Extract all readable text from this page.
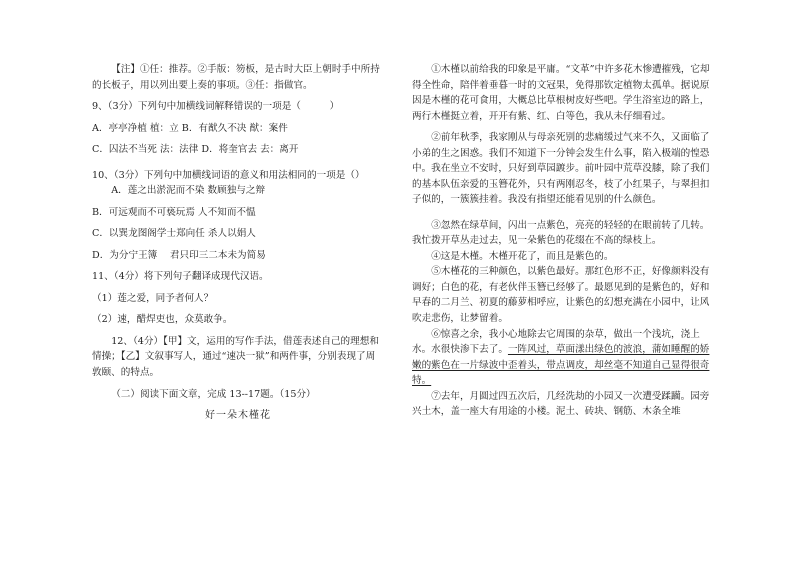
【注】①任：推荐。②手版：笏板，是古时大臣上朝时手中所持的长板子，用以列出要上奏的事项。③任：指做官。

9、（3分）下列句中加横线词解释错误的一项是（　　　）

A．亭亭净植 植：立 B．有猷久不决 猷：案件

C．囚法不当死 法：法律 D．将奎官去 去：离开

10、（3分）下列句中加横线词语的意义和用法相同的一项是（）

A．莲之出淤泥而不染 数顾独与之辩

B．可远观而不可亵玩焉 人不知而不愠

C．以巽龙图阁学士郑向任 杀人以娟人

D．为分宁王簿　 君只印三二本未为简易

11、（4分）将下列句子翻译成现代汉语。

（1）莲之爱，同予者何人？

（2）速，醋焊吏也，众莫敢争。

12、（4分）【甲】文，运用的写作手法，借莲表述自己的理想和情操；【乙】文叙事写人，通过“速决一狱”和两件事，分别表现了周敦颐、的特点。

（二）阅读下面文章，完成 13--17题。（15分）

好一朵木槿花

①木槿以前给我的印象是平庸。“文革”中许多花木惨遭摧残，它却得全性命，陪伴着垂暮一时的文冠果，免得那钦定植物太孤单。据说原因是木槿的花可食用，大概总比草根树皮好些吧。学生浴室边的路上，两行木槿挺立着，开开有紫、红、白等色，我从未仔细看过。

②前年秋季，我家刚从与母亲死别的悲痛缓过气来不久，又面临了小弟的生之困惑。我们不知道下一分钟会发生什么事，陷入极端的惶恐中。我在坐立不安时，只好到草园踱步。前叶园中荒草没膝，除了我们的基本队伍亲爱的玉簪花外，只有两刚忍冬，枝了小红果子，与翠担扣子似的，一簇簇挂着。我没有指望还能看见别的什么颜色。

③忽然在绿草间，闪出一点紫色，亮亮的轻轻的在眼前转了几转。我忙拨开草丛走过去，见一朵紫色的花缀在不高的绿枝上。

④这是木槿。木槿开花了，而且是紫色的。

⑤木槿花的三种颜色，以紫色最好。那红色形不正，好像颜料没有调好；白色的花，有老伙伴玉簪已经够了。最愿见到的是紫色的，好和早春的二月兰、初夏的藤萝相呼应，让紫色的幻想充满在小园中，让风吹走悲伤，让梦留着。

⑥惊喜之余，我小心地除去它周围的杂草，做出一个浅坑，浇上水。水很快渗下去了。一阵风过，草面漾出绿色的波浪，蒲如睡醒的娇嫩的紫色在一片绿波中歪着头，带点调皮，却丝毫不知道自己显得很奇特。

⑦去年，月圆过四五次后，几经洗劫的小园又一次遭受蹂躏。园旁兴土木，盖一座大有用途的小楼。泥土、砖块、钢筋、木条全堆
